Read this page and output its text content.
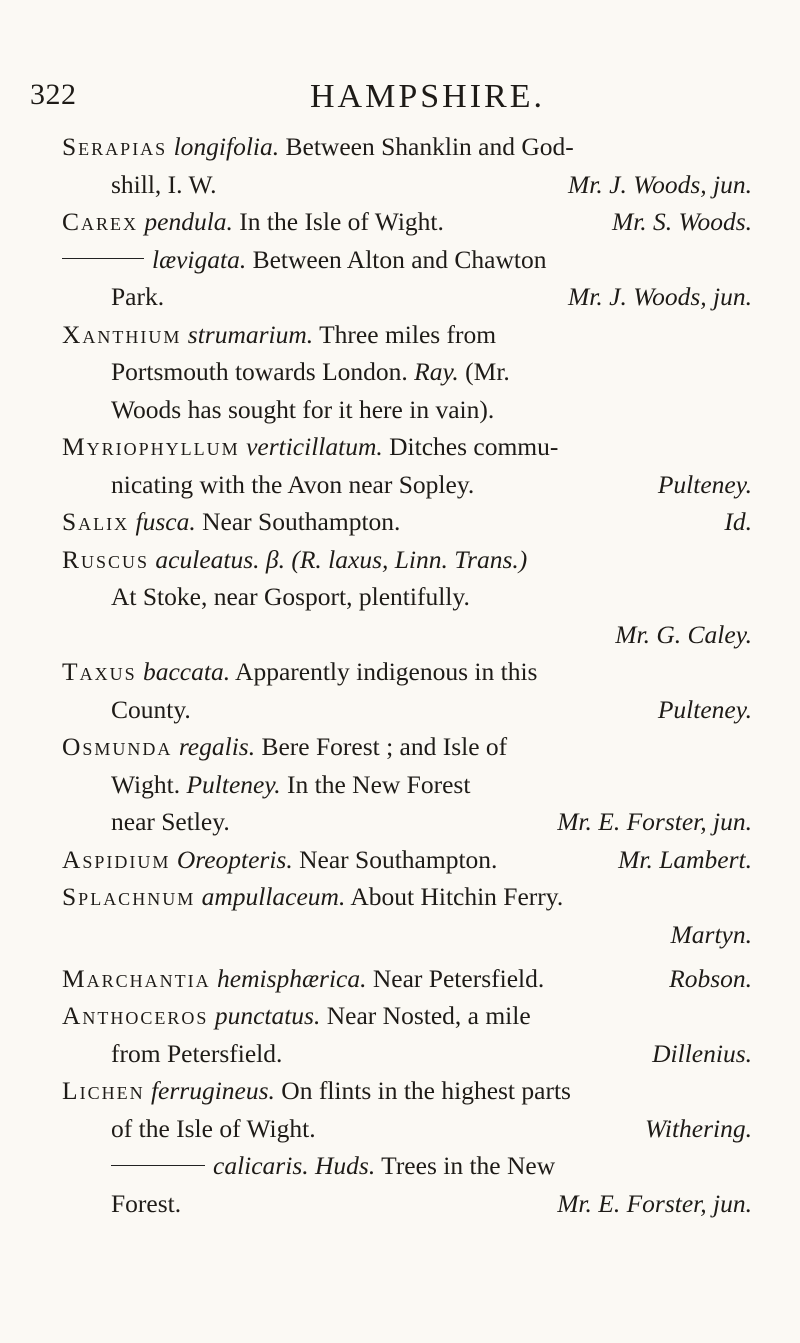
322	HAMPSHIRE.
Serapias longifolia. Between Shanklin and God-
shill, I. W.	Mr. J. Woods, jun.
Carex pendula. In the Isle of Wight.	Mr. S. Woods.
lævigata. Between Alton and Chawton
Park.	Mr. J. Woods, jun.
Xanthium strumarium. Three miles from
Portsmouth towards London. Ray. (Mr.
Woods has sought for it here in vain).
Myriophyllum verticillatum. Ditches commu-
nicating with the Avon near Sopley.	Pulteney.
Salix fusca. Near Southampton.	Id.
Ruscus aculeatus. β. (R. laxus, Linn. Trans.)
At Stoke, near Gosport, plentifully.
Mr. G. Caley.
Taxus baccata. Apparently indigenous in this
County.	Pulteney.
Osmunda regalis. Bere Forest ; and Isle of
Wight. Pulteney. In the New Forest
near Setley.	Mr. E. Forster, jun.
Aspidium Oreopteris. Near Southampton.	Mr. Lambert.
Splachnum ampullaceum. About Hitchin Ferry.
Martyn.
Marchantia hemisphærica. Near Petersfield.	Robson.
Anthoceros punctatus. Near Nosted, a mile
from Petersfield.	Dillenius.
Lichen ferrugineus. On flints in the highest parts
of the Isle of Wight.	Withering.
calicaris. Huds. Trees in the New
Forest.	Mr. E. Forster, jun.
